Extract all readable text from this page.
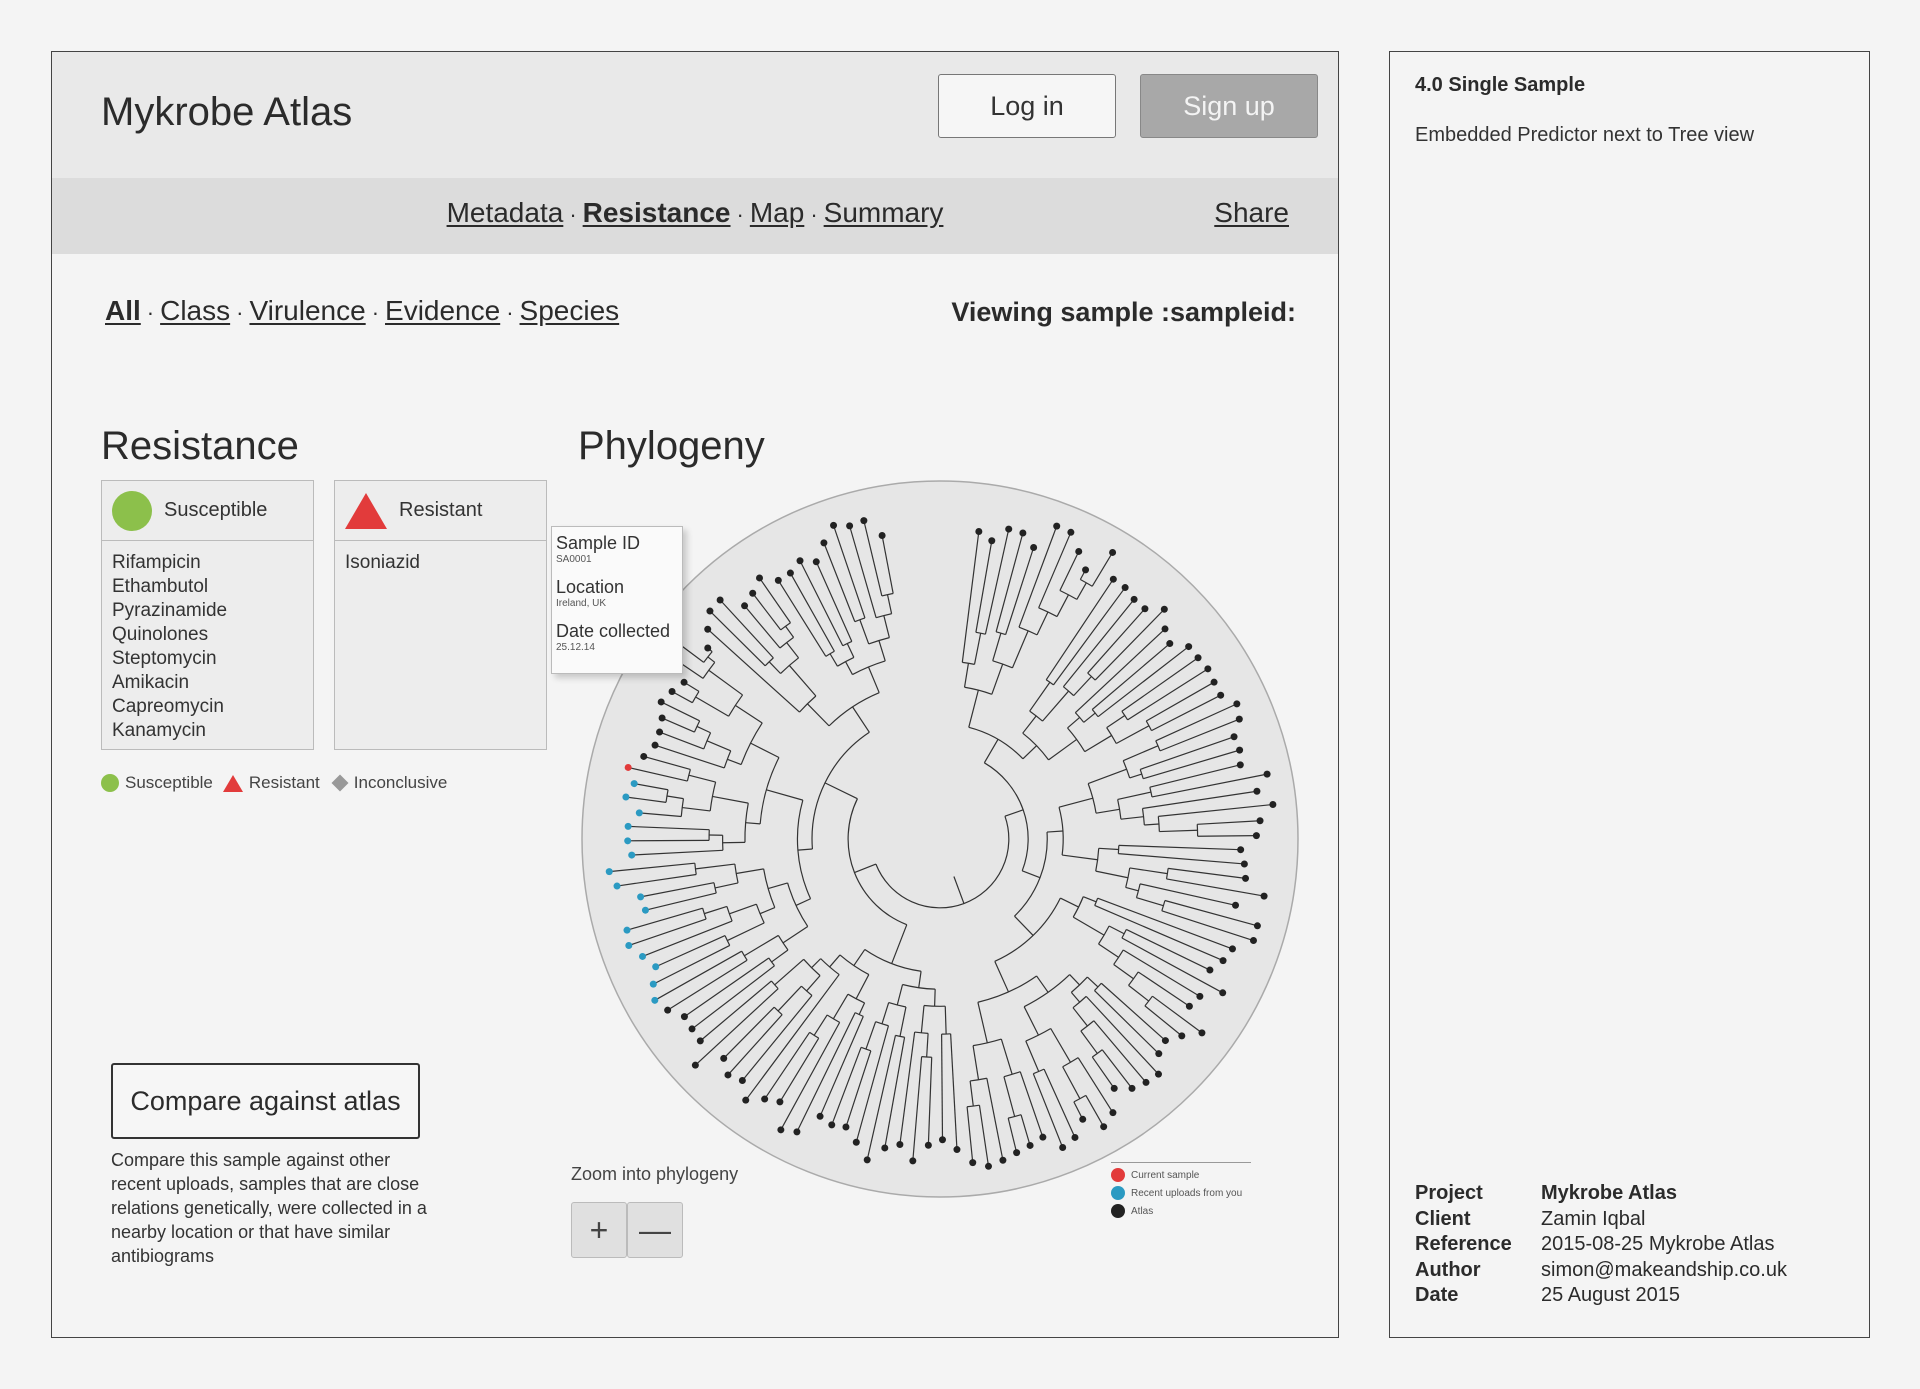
Mykrobe Atlas	Log in	Sign up
Metadata · Resistance · Map · Summary	Share
All · Class · Virulence · Evidence · Species	Viewing sample :sampleid:
Resistance	Phylogeny
Susceptible
Rifampicin
Ethambutol
Pyrazinamide
Quinolones
Steptomycin
Amikacin
Capreomycin
Kanamycin
Resistant
Isoniazid
Susceptible Resistant Inconclusive
Compare against atlas
Compare this sample against other recent uploads, samples that are close relations genetically, were collected in a nearby location or that have similar antibiograms
Sample ID
SA0001
Location
Ireland, UK
Date collected
25.12.14
Zoom into phylogeny
+ —
Current sample
Recent uploads from you
Atlas
4.0 Single Sample
Embedded Predictor next to Tree view
Project	Mykrobe Atlas
Client	Zamin Iqbal
Reference	2015-08-25 Mykrobe Atlas
Author	simon@makeandship.co.uk
Date	25 August 2015
